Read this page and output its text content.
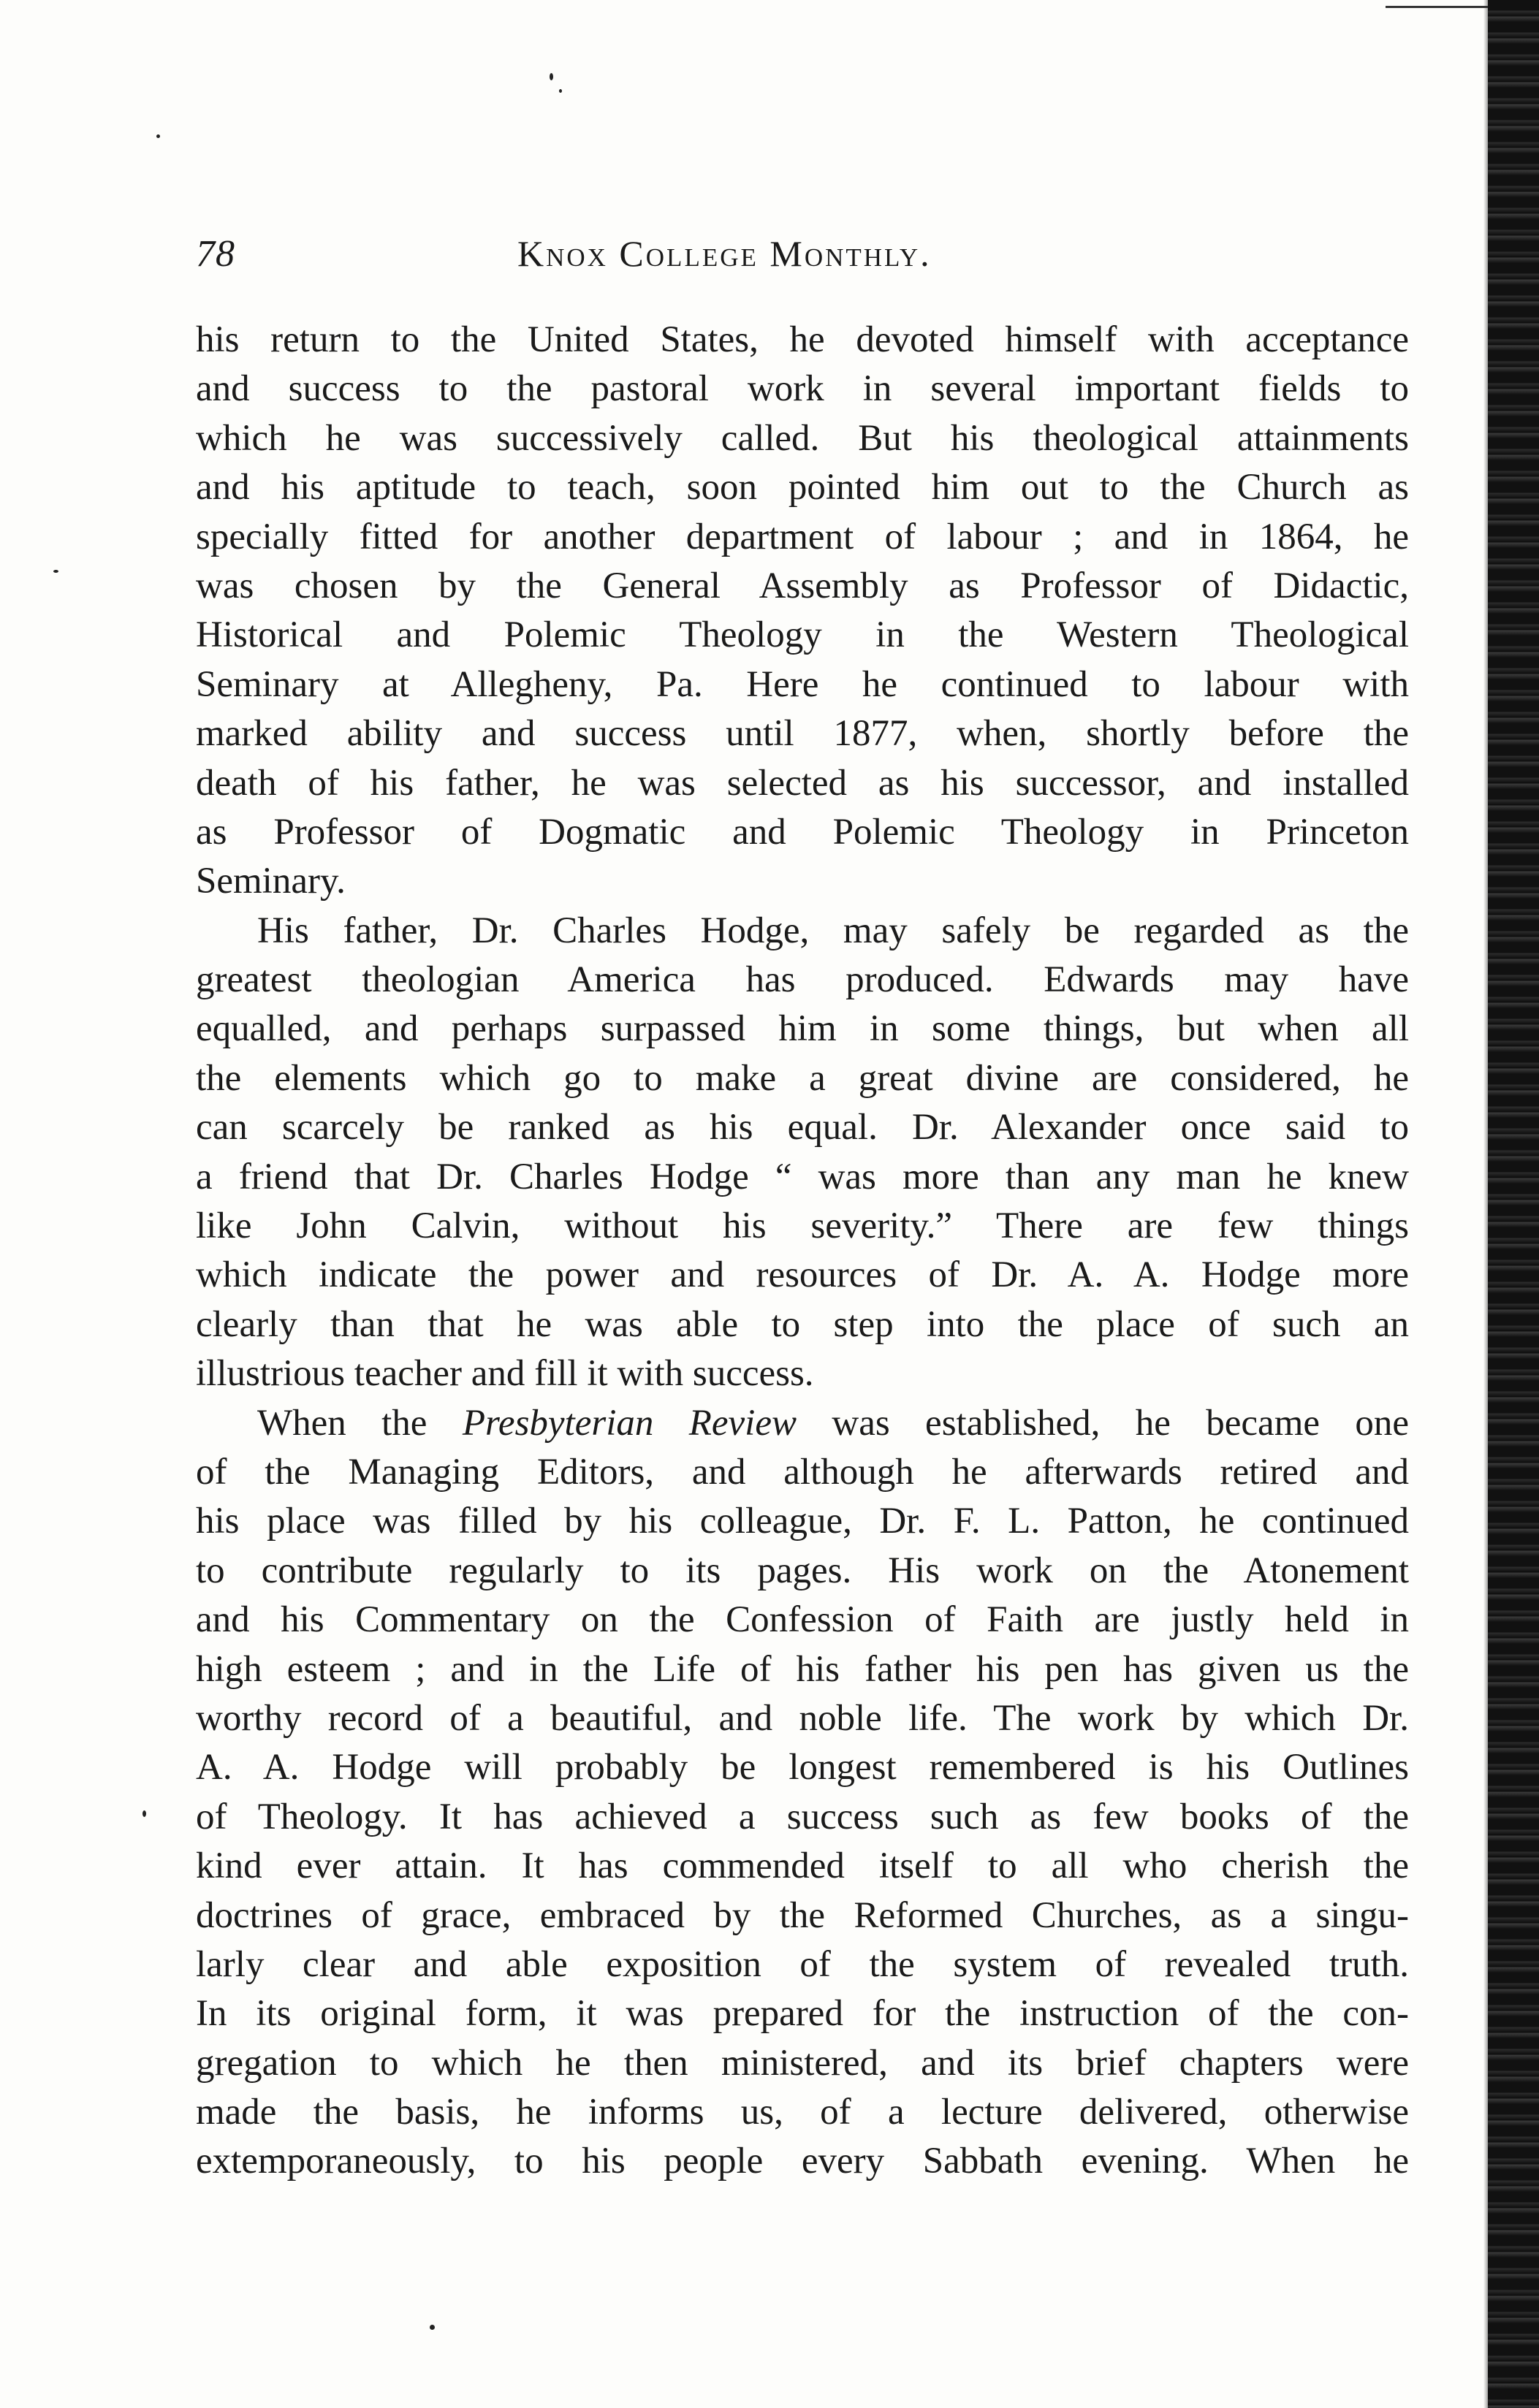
78	Knox College Monthly.
his return to the United States, he devoted himself with acceptance
and success to the pastoral work in several important fields to
which he was successively called. But his theological attainments
and his aptitude to teach, soon pointed him out to the Church as
specially fitted for another department of labour ; and in 1864, he
was chosen by the General Assembly as Professor of Didactic,
Historical and Polemic Theology in the Western Theological
Seminary at Allegheny, Pa. Here he continued to labour with
marked ability and success until 1877, when, shortly before the
death of his father, he was selected as his successor, and installed
as Professor of Dogmatic and Polemic Theology in Princeton
Seminary.
His father, Dr. Charles Hodge, may safely be regarded as the
greatest theologian America has produced. Edwards may have
equalled, and perhaps surpassed him in some things, but when all
the elements which go to make a great divine are considered, he
can scarcely be ranked as his equal. Dr. Alexander once said to
a friend that Dr. Charles Hodge “ was more than any man he knew
like John Calvin, without his severity.” There are few things
which indicate the power and resources of Dr. A. A. Hodge more
clearly than that he was able to step into the place of such an
illustrious teacher and fill it with success.
When the Presbyterian Review was established, he became one
of the Managing Editors, and although he afterwards retired and
his place was filled by his colleague, Dr. F. L. Patton, he continued
to contribute regularly to its pages. His work on the Atonement
and his Commentary on the Confession of Faith are justly held in
high esteem ; and in the Life of his father his pen has given us the
worthy record of a beautiful, and noble life. The work by which Dr.
A. A. Hodge will probably be longest remembered is his Outlines
of Theology. It has achieved a success such as few books of the
kind ever attain. It has commended itself to all who cherish the
doctrines of grace, embraced by the Reformed Churches, as a singu-
larly clear and able exposition of the system of revealed truth.
In its original form, it was prepared for the instruction of the con-
gregation to which he then ministered, and its brief chapters were
made the basis, he informs us, of a lecture delivered, otherwise
extemporaneously, to his people every Sabbath evening. When he
